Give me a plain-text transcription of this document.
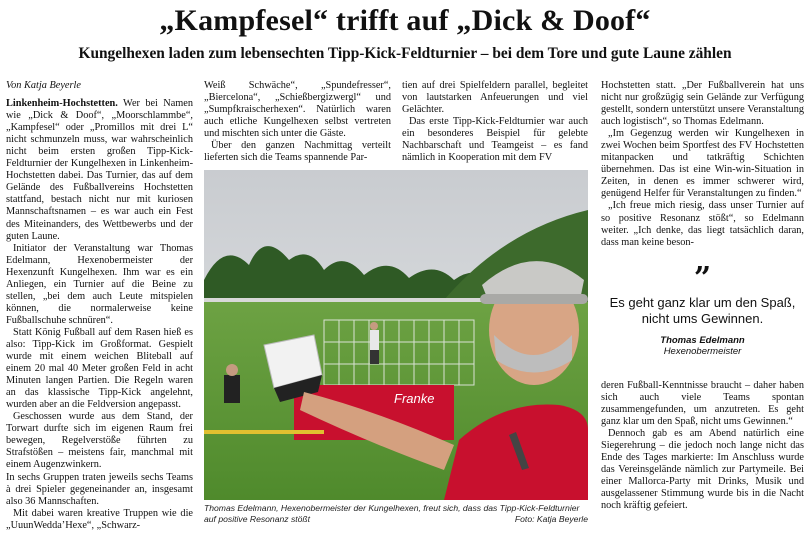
„Kampfesel“ trifft auf „Dick & Doof“
Kungelhexen laden zum lebensechten Tipp-Kick-Feldturnier – bei dem Tore und gute Laune zählen
Von Katja Beyerle

Linkenheim-Hochstetten. Wer bei Namen wie „Dick & Doof“, „Moorschlammbe“, „Kampfesel“ oder „Promillos mit drei L“ nicht schmunzeln muss, war wahrscheinlich nicht beim ersten großen Tipp-Kick-Feldturnier der Kungelhexen in Linkenheim-Hochstetten dabei. Das Turnier, das auf dem Gelände des Fußballvereins Hochstetten stattfand, bestach nicht nur mit kuriosen Mannschaftsnamen – es war auch ein Fest des Miteinanders, des Wettbewerbs und der guten Laune.

Initiator der Veranstaltung war Thomas Edelmann, Hexenobermeister der Hexenzunft Kungelhexen. Ihm war es ein Anliegen, ein Turnier auf die Beine zu stellen, „bei dem auch Leute mitspielen können, die normalerweise keine Fußballschuhe schnüren“.

Statt König Fußball auf dem Rasen hieß es also: Tipp-Kick im Großformat. Gespielt wurde mit einem weichen Bliteball auf einem 20 mal 40 Meter großen Feld in acht Minuten langen Partien. Die Regeln waren an das klassische Tipp-Kick angelehnt, wurden aber an die Feldversion angepasst.

Geschossen wurde aus dem Stand, der Torwart durfte sich im eigenen Raum frei bewegen, Regelverstöße führten zu Strafstößen – meistens fair, manchmal mit einem Augenzwinkern.

In sechs Gruppen traten jeweils sechs Teams à drei Spieler gegeneinander an, insgesamt also 36 Mannschaften.

Mit dabei waren kreative Truppen wie die „UuunWedda’Hexe“, „Schwarz-

Weiß Schwäche“, „Spundefresser“, „Biercelona“, „Schießbergizwergl“ und „Sumpfkraischerhexen“. Natürlich waren auch etliche Kungelhexen selbst vertreten und mischten sich unter die Gäste.

Über den ganzen Nachmittag verteilt lieferten sich die Teams spannende Par-

tien auf drei Spielfeldern parallel, begleitet von lautstarken Anfeuerungen und viel Gelächter.

Das erste Tipp-Kick-Feldturnier war auch ein besonderes Beispiel für gelebte Nachbarschaft und Teamgeist – es fand nämlich in Kooperation mit dem FV

Hochstetten statt. „Der Fußballverein hat uns nicht nur großzügig sein Gelände zur Verfügung gestellt, sondern unterstützt unsere Veranstaltung auch logistisch“, so Thomas Edelmann.

„Im Gegenzug werden wir Kungelhexen in zwei Wochen beim Sportfest des FV Hochstetten mitanpacken und tatkräftig Schichten übernehmen. Das ist eine Win-win-Situation in Zeiten, in denen es immer schwerer wird, genügend Helfer für Veranstaltungen zu finden.“

„Ich freue mich riesig, dass unser Turnier auf so positive Resonanz stößt“, so Edelmann weiter. „Ich denke, das liegt tatsächlich daran, dass man keine beson-

”
Es geht ganz klar um den Spaß, nicht ums Gewinnen.
Thomas Edelmann
Hexenobermeister

deren Fußball-Kenntnisse braucht – daher haben sich auch viele Teams spontan zusammengefunden, um anzutreten. Es geht ganz klar um den Spaß, nicht ums Gewinnen.“

Dennoch gab es am Abend natürlich eine Siegerehrung – die jedoch noch lange nicht das Ende des Tages markierte: Im Anschluss wurde das Vereinsgelände nämlich zur Partymeile. Bei einer Mallorca-Party mit Drinks, Musik und ausgelassener Stimmung wurde bis in die Nacht noch kräftig gefeiert.

Franke
Thomas Edelmann, Hexenobermeister der Kungelhexen, freut sich, dass das Tipp-Kick-Feldturnier auf positive Resonanz stößt	Foto: Katja Beyerle
